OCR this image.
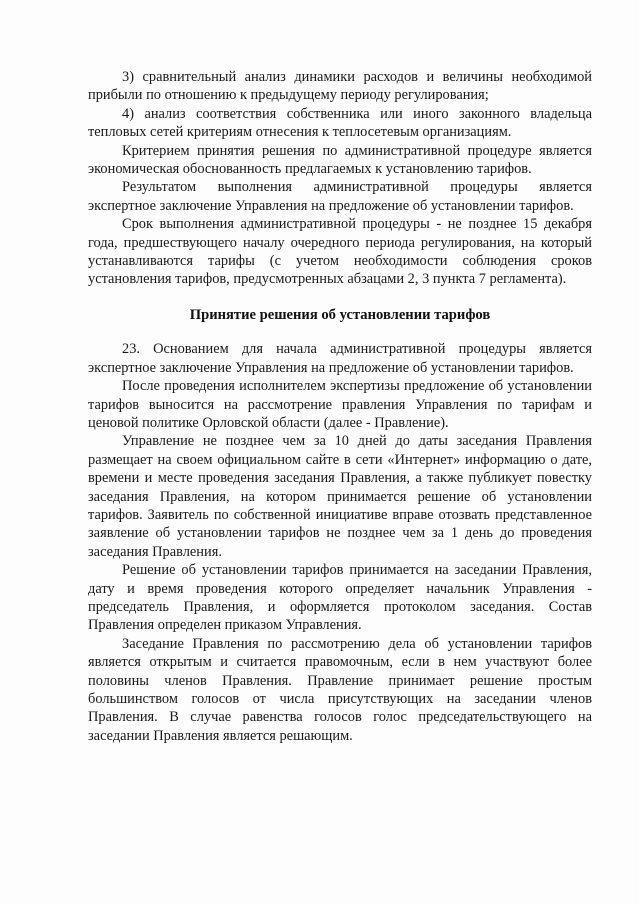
3) сравнительный анализ динамики расходов и величины необходимой прибыли по отношению к предыдущему периоду регулирования;

4) анализ соответствия собственника или иного законного владельца тепловых сетей критериям отнесения к теплосетевым организациям.

Критерием принятия решения по административной процедуре является экономическая обоснованность предлагаемых к установлению тарифов.

Результатом выполнения административной процедуры является экспертное заключение Управления на предложение об установлении тарифов.

Срок выполнения административной процедуры - не позднее 15 декабря года, предшествующего началу очередного периода регулирования, на который устанавливаются тарифы (с учетом необходимости соблюдения сроков установления тарифов, предусмотренных абзацами 2, 3 пункта 7 регламента).

Принятие решения об установлении тарифов

23. Основанием для начала административной процедуры является экспертное заключение Управления на предложение об установлении тарифов.

После проведения исполнителем экспертизы предложение об установлении тарифов выносится на рассмотрение правления Управления по тарифам и ценовой политике Орловской области (далее - Правление).

Управление не позднее чем за 10 дней до даты заседания Правления размещает на своем официальном сайте в сети «Интернет» информацию о дате, времени и месте проведения заседания Правления, а также публикует повестку заседания Правления, на котором принимается решение об установлении тарифов. Заявитель по собственной инициативе вправе отозвать представленное заявление об установлении тарифов не позднее чем за 1 день до проведения заседания Правления.

Решение об установлении тарифов принимается на заседании Правления, дату и время проведения которого определяет начальник Управления - председатель Правления, и оформляется протоколом заседания. Состав Правления определен приказом Управления.

Заседание Правления по рассмотрению дела об установлении тарифов является открытым и считается правомочным, если в нем участвуют более половины членов Правления. Правление принимает решение простым большинством голосов от числа присутствующих на заседании членов Правления. В случае равенства голосов голос председательствующего на заседании Правления является решающим.
